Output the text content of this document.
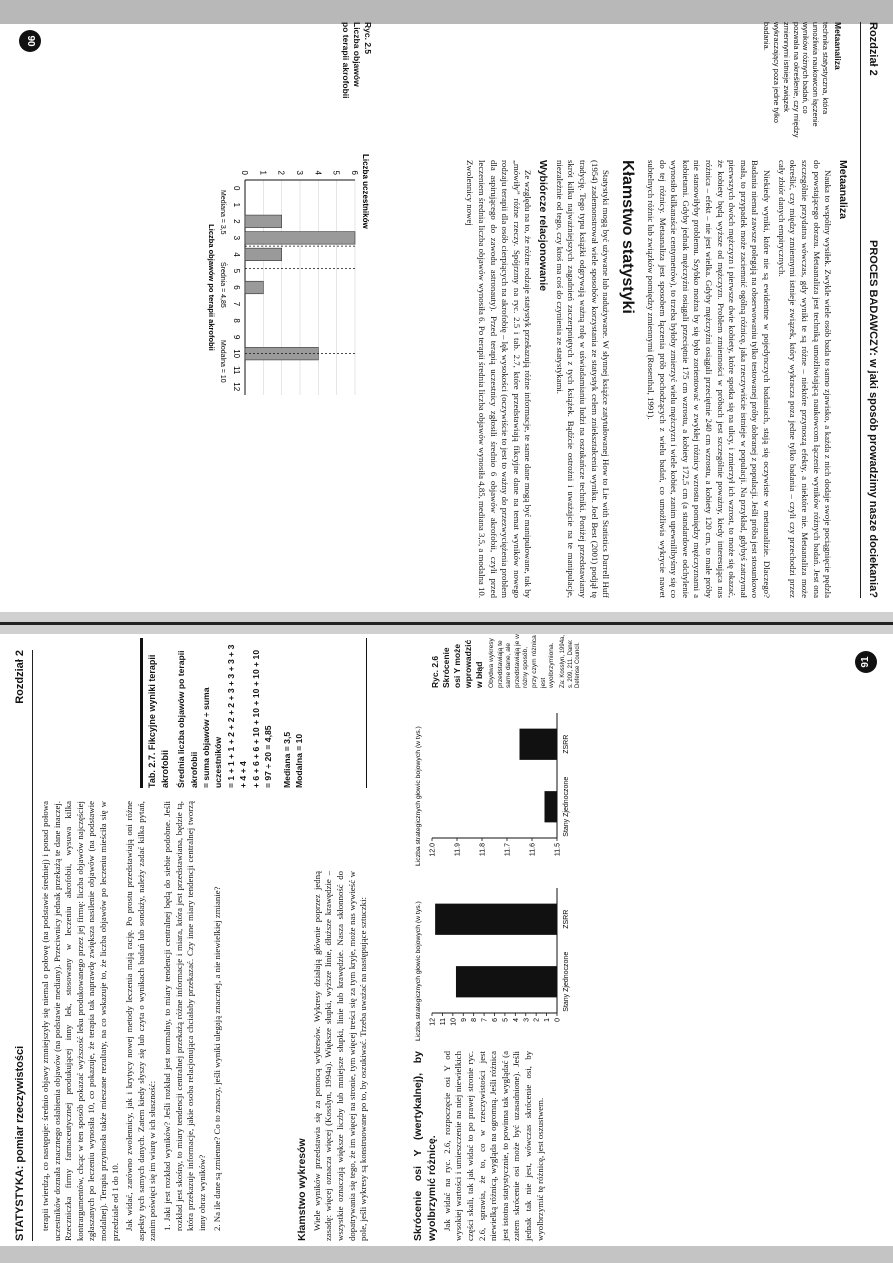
Rozdział 2
PROCES BADAWCZY: w jaki sposób prowadzimy nasze dociekania?
Metaanaliza
technika statystyczna, która umożliwia naukowcom łączenie wyników różnych badań, co pozwala na określenie, czy między zmiennymi istnieje związek wykraczający poza jedne tylko badania.
Metaanaliza

Nauka to wspólny wysiłek. Zwykle wiele osób bada to samo zjawisko, a każda z nich dodaje swoje pociągnięcie pędzla do powstającego obrazu. Metaanaliza jest techniką umożliwiającą naukowcom łączenie wyników różnych badań. Jest ona szczególnie przydatna wówczas, gdy wyniki te są różne – niektóre przynoszą efekty, a niektóre nie. Metaanaliza może określić, czy między zmiennymi istnieje związek, który wykracza poza jedne tylko badania – czyli czy przechodzi przez cały zbiór danych empirycznych.

Niekiedy wyniki, które nie są ewidentne w pojedynczych badaniach, stają się oczywiste w metaanalizie. Dlaczego? Badania niemal zawsze polegają na obserwowaniu tylko testowanej próby dobranej z populacji. Jeśli próba jest stosunkowo mała, to przypadek może zaciemnić ogólną różnicę, jaka rzeczywiście istnieje w populacji. Na przykład, gdybyś zatrzymał pierwszych dwóch mężczyzn i pierwsze dwie kobiety, które spotka się na ulicy, i zmierzył ich wzrost, to może się okazać, że kobiety będą wyższe od mężczyzn. Problem zmienności w próbach jest szczególnie poważny, kiedy interesująca nas różnica – efekt – nie jest wielka. Gdyby mężczyźni osiągali przeciętnie 240 cm wzrostu, a kobiety 120 cm, to małe próby nie stanowiłyby problemu. Szybko można by się było zorientować w zwykłej różnicy wzrostu pomiędzy mężczyznami a kobietami. Gdyby jednak mężczyźni osiągali przeciętnie 175 cm wzrostu, a kobiety 172,5 cm (a standardowe odchylenie wynosiło kilkanaście centymetrów), to trzeba byłoby zmierzyć wielu mężczyzn i wiele kobiet, zanim upewnilibyśmy się co do tej różnicy. Metaanaliza jest sposobem łączenia prób pochodzących z wielu badań, co umożliwia wykrycie nawet subtelnych różnic lub związków pomiędzy zmiennymi (Rosenthal, 1991).

Kłamstwo statystyki

Statystyki mogą być używane lub nadużywane. W słynnej książce zatytułowanej How to Lie with Statistics Darrell Huff (1954) zademonstrował wiele sposobów korzystania ze statystyk celem zniekształcenia wyniku. Joel Best (2001) podjął tę tradycję. Tego typu książki odgrywają ważną rolę w uświadamianiu ludzi na oszukańcze techniki. Poniżej przedstawiamy skrót kilku najważniejszych zagadnień zaczerpniętych z tych książek. Bądźcie ostrożni i uważajcie na te manipulacje, niezależnie od tego, czy ktoś ma coś do czynienia ze statystykami.

Wybiórcze relacjonowanie

Ze względu na to, że różne rodzaje statystyk przekazują różne informacje, te same dane mogą być manipulowane, tak by „mówiły” różne rzeczy. Spójrzmy na ryc. 2.5 i tab. 2.7, które przedstawiają fikcyjne dane na temat wyników nowego rodzaju terapii dla osób cierpiących na akrofobię – lęk wysokości (oczywiście to jest to ważny do przezwyciężenia problem dla aspirującego do zawodu astronauty). Przed terapią uczestnicy zgłosili średnio 6 objawów akrofobii, czyli przed leczeniem średnia liczba objawów wynosiła 6. Po terapii średnia liczba objawów wynosiła 4,85, mediana 3,5, a modalna 10. Zwolennicy nowej

Ryc. 2.5
Liczba objawów
po terapii akrofobii
Liczba uczestników
0 1 2 3 4 5 6
0
1
2
3
4
5
6
7
8
9
10
11
12
Mediana = 3,5
Średnia = 4,85
Modalna = 10
Liczba objawów po terapii akrofobii
90
STATYSTYKA: pomiar rzeczywistości
Rozdział 2

terapii twierdzą, co następuje: średnio objawy zmniejszyły się niemal o połowę (na podstawie średniej) i ponad połowa uczestników doznała znacznego osłabienia objawów (na podstawie mediany). Przeciwnicy jednak przekażą te dane inaczej. Rzeczniczka firmy farmaceutycznej produkującej inny lek, stosowany w leczeniu akrofobii, wysuwa kilka kontrargumentów, chcąc w ten sposób pokazać wyższość leku produkowanego przez jej firmę: liczba objawów najczęściej zgłaszanych po leczeniu wynosiła 10, co pokazuje, że terapia tak naprawdę zwiększa nasilenie objawów (na podstawie modalnej). Terapia przyniosła także mieszane rezultaty, na co wskazuje to, że liczba objawów po leczeniu mieściła się w przedziale od 1 do 10. Jak widać, zarówno zwolennicy, jak i krytycy nowej metody leczenia mają rację. Po prostu przedstawiają oni różne aspekty tych samych danych. Zatem kiedy słyszy się lub czyta o wynikach badań lub sondaży, należy zadać kilka pytań, zanim poświęci się im wiarę w ich słuszność: 1. Jaki jest rozkład wyników? Jeśli rozkład jest normalny, to miary tendencji centralnej będą do siebie podobne. Jeśli rozkład jest skośny, to miary tendencji centralnej przekażą różne informacje i miara, która jest przedstawiana, będzie tą, która przekazuje informacje, jakie osoba relacjonująca chciałaby przekazać. Czy inne miary tendencji centralnej tworzą inny obraz wyników? 2. Na ile dane są zmienne? Co to znaczy, jeśli wyniki ulegają znacznej, a nie niewielkiej zmianie?

Tab. 2.7. Fikcyjne wyniki terapii akrofobii Średnia liczba objawów po terapii akrofobii = suma objawów ÷ suma uczestników = 1 + 1 + 1 + 2 + 2 + 2 + 3 + 3 + 3 + 3 + 4 + 4 + 6 + 6 + 6 + 10 + 10 + 10 + 10 + 10 = 97 ÷ 20 = 4,85 Mediana = 3,5 Modalna = 10
Kłamstwo wykresów Wiele wyników przedstawia się za pomocą wykresów. Wykresy działają głównie poprzez jedną zasadę: więcej oznacza więcej (Kosslyn, 1994a). Większe słupki, wyższe linie, dłuższe krawędzie – wszystkie oznaczają większe liczby lub mniejsze słupki, linie lub krawędzie. Nasza skłonność do dopatrywania się tego, że im więcej na stronie, tym więcej treści się za tym kryje, może nas wywieść w pole, jeśli wykresy są konstruowane po to, by oszukiwać. Trzeba uważać na następujące sztuczki:	Skrócenie osi Y (wertykalnej), by wyolbrzymić różnicę. Jak widać na ryc. 2.6, rozpoczęcie osi Y od wysokiej wartości i umieszczenie na niej niewielkich części skali, tak jak widać to po prawej stronie ryc. 2.6, sprawia, że to, co w rzeczywistości jest niewielką różnicą, wygląda na ogromną. Jeśli różnica jest istotna statystycznie, to powinna tak wyglądać (a zatem skrócenie osi może być uzasadnione). Jeśli jednak tak nie jest, wówczas skrócenie osi, by wyolbrzymić tę różnicę, jest oszustwem.

Liczba strategicznych głowic bojowych (w tys.)	0
1
2
3
4
5
6
7
8
9
10
11
12
Stany Zjednoczone
ZSRR
Liczba strategicznych głowic bojowych (w tys.)	11.5
11.6
11.7
11.8
11.9
12.0
Stany Zjednoczone
ZSRR
Ryc. 2.6 Skrócenie osi Y może wprowadzić w błąd Obydwa wykresy przedstawiają te same dane, ale przedstawiają je w różny sposób, przy czym różnica jest wyolbrzymiona. Za: Kosslyn, 1994a, s. 209, 211. Dane: Defense Council.	91
